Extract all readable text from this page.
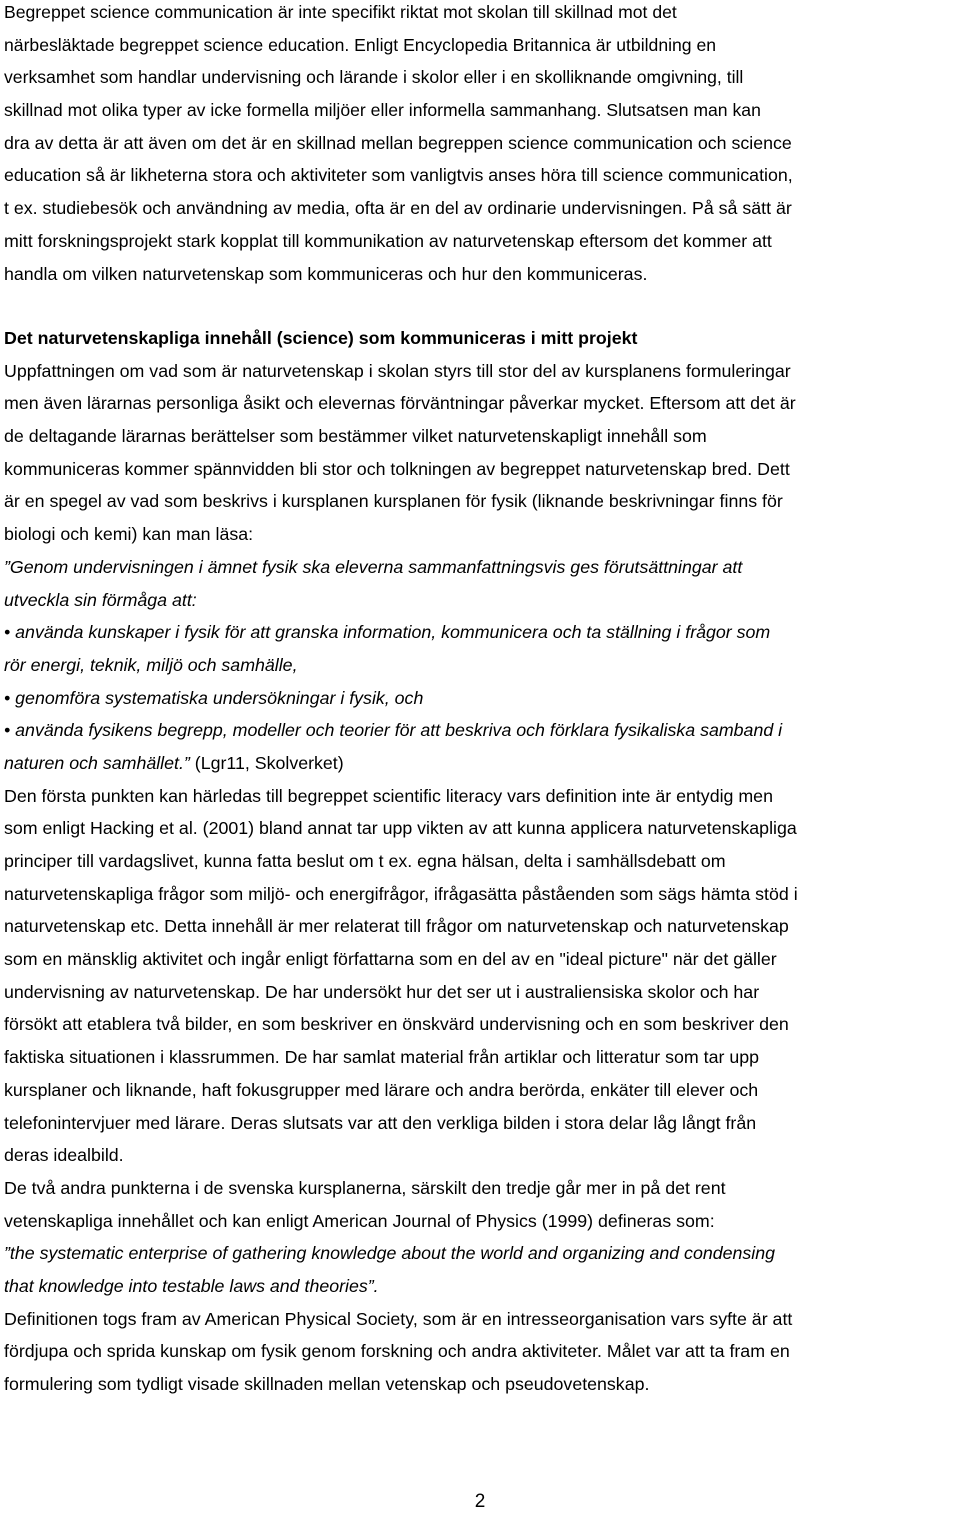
Begreppet science communication är inte specifikt riktat mot skolan till skillnad mot det
närbesläktade begreppet science education. Enligt Encyclopedia Britannica är utbildning en
verksamhet som handlar undervisning och lärande i skolor eller i en skolliknande omgivning, till
skillnad mot olika typer av icke formella miljöer eller informella sammanhang. Slutsatsen man kan
dra av detta är att även om det är en skillnad mellan begreppen science communication och science
education så är likheterna stora och aktiviteter som vanligtvis anses höra till science communication,
t ex. studiebesök och användning av media, ofta är en del av ordinarie undervisningen. På så sätt är
mitt forskningsprojekt stark kopplat till kommunikation av naturvetenskap eftersom det kommer att
handla om vilken naturvetenskap som kommuniceras och hur den kommuniceras.
Det naturvetenskapliga innehåll (science) som kommuniceras i mitt projekt
Uppfattningen om vad som är naturvetenskap i skolan styrs till stor del av kursplanens formuleringar
men även lärarnas personliga åsikt och elevernas förväntningar påverkar mycket. Eftersom att det är
de deltagande lärarnas berättelser som bestämmer vilket naturvetenskapligt innehåll som
kommuniceras kommer spännvidden bli stor och tolkningen av begreppet naturvetenskap bred. Dett
är en spegel av vad som beskrivs i kursplanen kursplanen för fysik (liknande beskrivningar finns för
biologi och kemi) kan man läsa:
”Genom undervisningen i ämnet fysik ska eleverna sammanfattningsvis ges förutsättningar att
utveckla sin förmåga att:
• använda kunskaper i fysik för att granska information, kommunicera och ta ställning i frågor som
rör energi, teknik, miljö och samhälle,
• genomföra systematiska undersökningar i fysik, och
• använda fysikens begrepp, modeller och teorier för att beskriva och förklara fysikaliska samband i
naturen och samhället.” (Lgr11, Skolverket)
Den första punkten kan härledas till begreppet scientific literacy vars definition inte är entydig men
som enligt Hacking et al. (2001) bland annat tar upp vikten av att kunna applicera naturvetenskapliga
principer till vardagslivet, kunna fatta beslut om t ex. egna hälsan, delta i samhällsdebatt om
naturvetenskapliga frågor som miljö- och energifrågor, ifrågasätta påståenden som sägs hämta stöd i
naturvetenskap etc. Detta innehåll är mer relaterat till frågor om naturvetenskap och naturvetenskap
som en mänsklig aktivitet och ingår enligt författarna som en del av en "ideal picture" när det gäller
undervisning av naturvetenskap. De har undersökt hur det ser ut i australiensisk​a skolor och har
försökt att etablera två bilder, en som beskriver en önskvärd undervisning och en som beskriver den
faktiska situationen i klassrummen. De har samlat material från artiklar och litteratur som tar upp
kursplaner och liknande, haft fokusgrupper med lärare och andra berörda, enkäter till elever och
telefonintervjuer med lärare. Deras slutsats var att den verkliga bilden i stora delar låg långt från
deras idealbild.
De två andra punkterna i de svenska kursplanerna, särskilt den tredje går mer in på det rent
vetenskapliga innehållet och kan enligt American Journal of Physics (1999) defineras som:
”the systematic enterprise of gathering knowledge about the world and organizing and condensing
that knowledge into testable laws and theories”.
Definitionen togs fram av American Physical Society, som är en intresseorganisation vars syfte är att
fördjupa och sprida kunskap om fysik genom forskning och andra aktiviteter. Målet var att ta fram en
formulering som tydligt visade skillnaden mellan vetenskap och pseudovetenskap.
2
